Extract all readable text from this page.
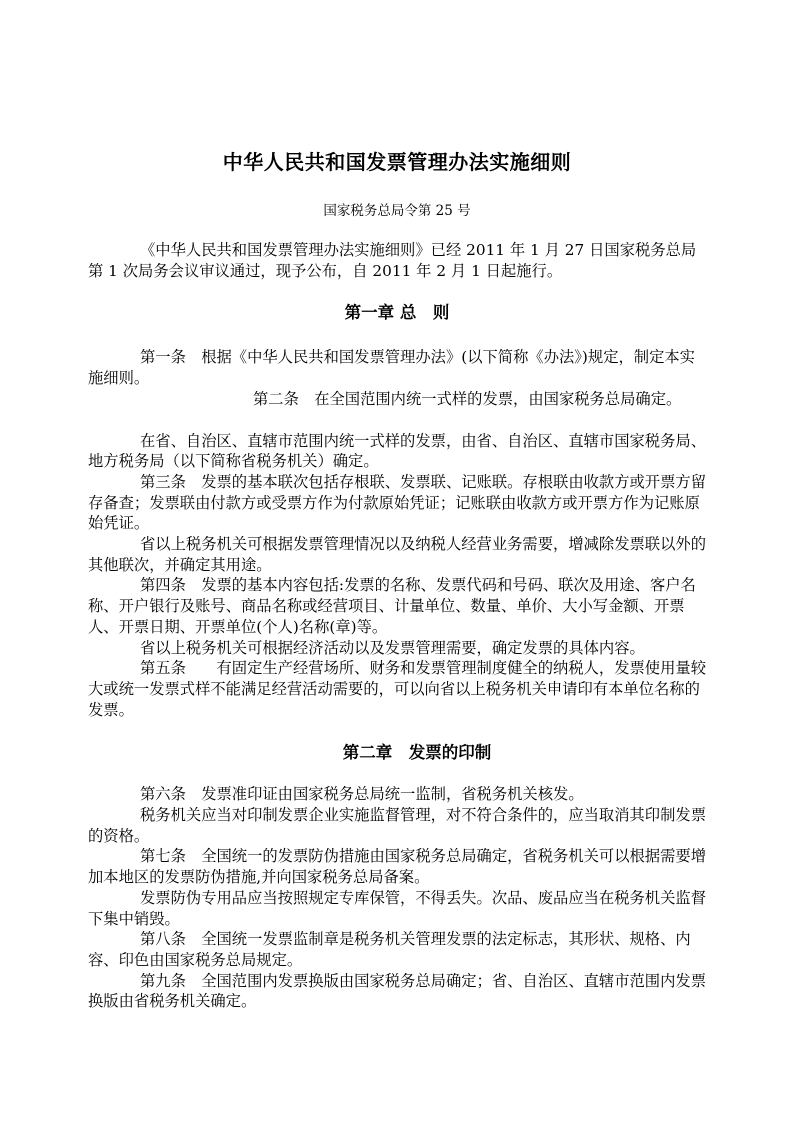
中华人民共和国发票管理办法实施细则
国家税务总局令第 25 号

《中华人民共和国发票管理办法实施细则》已经 2011 年 1 月 27 日国家税务总局第 1 次局务会议审议通过，现予公布，自 2011 年 2 月 1 日起施行。

第一章 总　则

第一条　根据《中华人民共和国发票管理办法》(以下简称《办法》)规定，制定本实施细则。

第二条　在全国范围内统一式样的发票，由国家税务总局确定。

在省、自治区、直辖市范围内统一式样的发票，由省、自治区、直辖市国家税务局、地方税务局（以下简称省税务机关）确定。

第三条　发票的基本联次包括存根联、发票联、记账联。存根联由收款方或开票方留存备查；发票联由付款方或受票方作为付款原始凭证；记账联由收款方或开票方作为记账原始凭证。

省以上税务机关可根据发票管理情况以及纳税人经营业务需要，增减除发票联以外的其他联次，并确定其用途。

第四条　发票的基本内容包括:发票的名称、发票代码和号码、联次及用途、客户名称、开户银行及账号、商品名称或经营项目、计量单位、数量、单价、大小写金额、开票人、开票日期、开票单位(个人)名称(章)等。

省以上税务机关可根据经济活动以及发票管理需要，确定发票的具体内容。

第五条　　有固定生产经营场所、财务和发票管理制度健全的纳税人，发票使用量较大或统一发票式样不能满足经营活动需要的，可以向省以上税务机关申请印有本单位名称的发票。

第二章　发票的印制

第六条　发票准印证由国家税务总局统一监制，省税务机关核发。

税务机关应当对印制发票企业实施监督管理，对不符合条件的，应当取消其印制发票的资格。

第七条　全国统一的发票防伪措施由国家税务总局确定，省税务机关可以根据需要增加本地区的发票防伪措施,并向国家税务总局备案。

发票防伪专用品应当按照规定专库保管，不得丢失。次品、废品应当在税务机关监督下集中销毁。

第八条　全国统一发票监制章是税务机关管理发票的法定标志，其形状、规格、内容、印色由国家税务总局规定。

第九条　全国范围内发票换版由国家税务总局确定；省、自治区、直辖市范围内发票换版由省税务机关确定。
